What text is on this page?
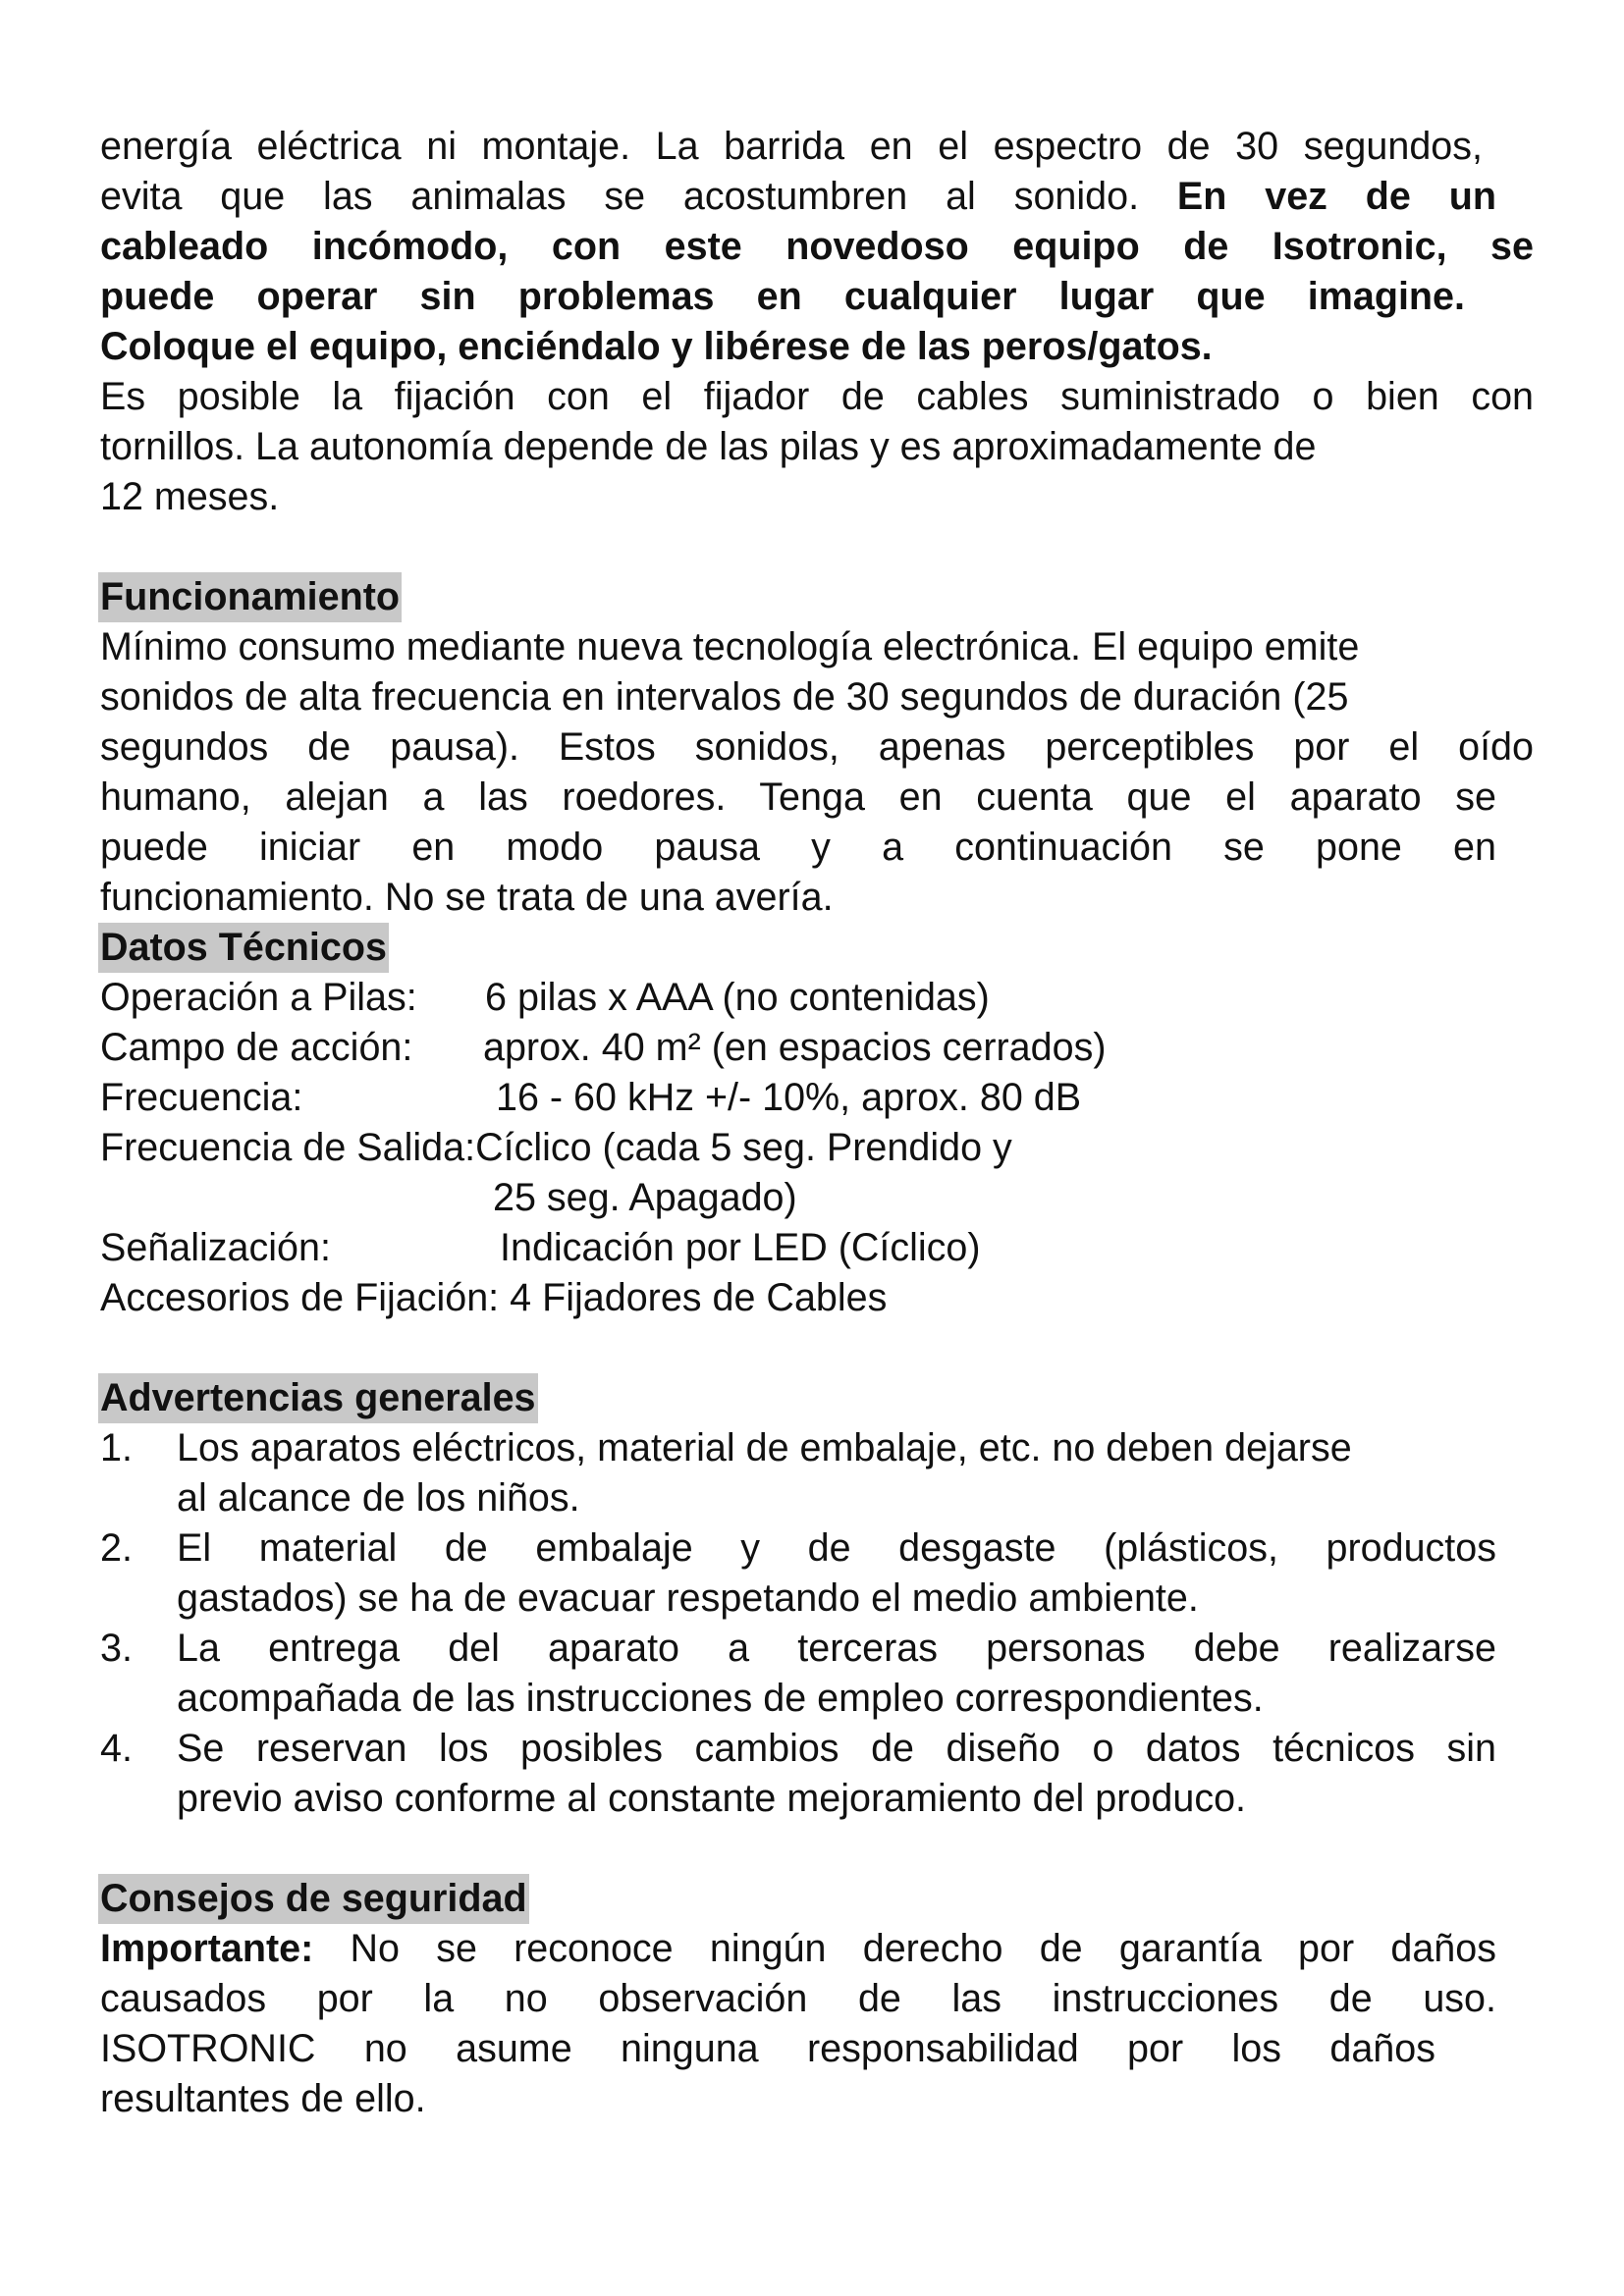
energía eléctrica ni montaje. La barrida en el espectro de 30 segundos,

evita que las animalas se acostumbren al sonido. En vez de un

cableado incómodo, con este novedoso equipo de Isotronic, se

puede operar sin problemas en cualquier lugar que imagine.

Coloque el equipo, enciéndalo y libérese de las peros/gatos.

Es posible la fijación con el fijador de cables suministrado o bien con

tornillos. La autonomía depende de las pilas y es aproximadamente de

12 meses.

Funcionamiento

Mínimo consumo mediante nueva tecnología electrónica. El equipo emite

sonidos de alta frecuencia en intervalos de 30 segundos de duración (25

segundos de pausa). Estos sonidos, apenas perceptibles por el oído

humano, alejan a las roedores. Tenga en cuenta que el aparato se

puede iniciar en modo pausa y a continuación se pone en

funcionamiento. No se trata de una avería.

Datos Técnicos
Operación a Pilas:	6 pilas x AAA (no contenidas)
Campo de acción:	aprox. 40 m² (en espacios cerrados)
Frecuencia:	16 - 60 kHz +/- 10%, aprox. 80 dB
Frecuencia de Salida: Cíclico (cada 5 seg. Prendido y
25 seg. Apagado)
Señalización:	Indicación por LED (Cíclico)
Accesorios de Fijación:
4 Fijadores de Cables
Advertencias generales
1.	Los aparatos eléctricos, material de embalaje, etc. no deben dejarse

al alcance de los niños.

2.	El material de embalaje y de desgaste (plásticos, productos

gastados) se ha de evacuar respetando el medio ambiente.

3.	La entrega del aparato a terceras personas debe realizarse

acompañada de las instrucciones de empleo correspondientes.

4.	Se reservan los posibles cambios de diseño o datos técnicos sin

previo aviso conforme al constante mejoramiento del produco.

Consejos de seguridad

Importante: No se reconoce ningún derecho de garantía por daños

causados por la no observación de las instrucciones de uso.

ISOTRONIC no asume ninguna responsabilidad por los daños

resultantes de ello.
